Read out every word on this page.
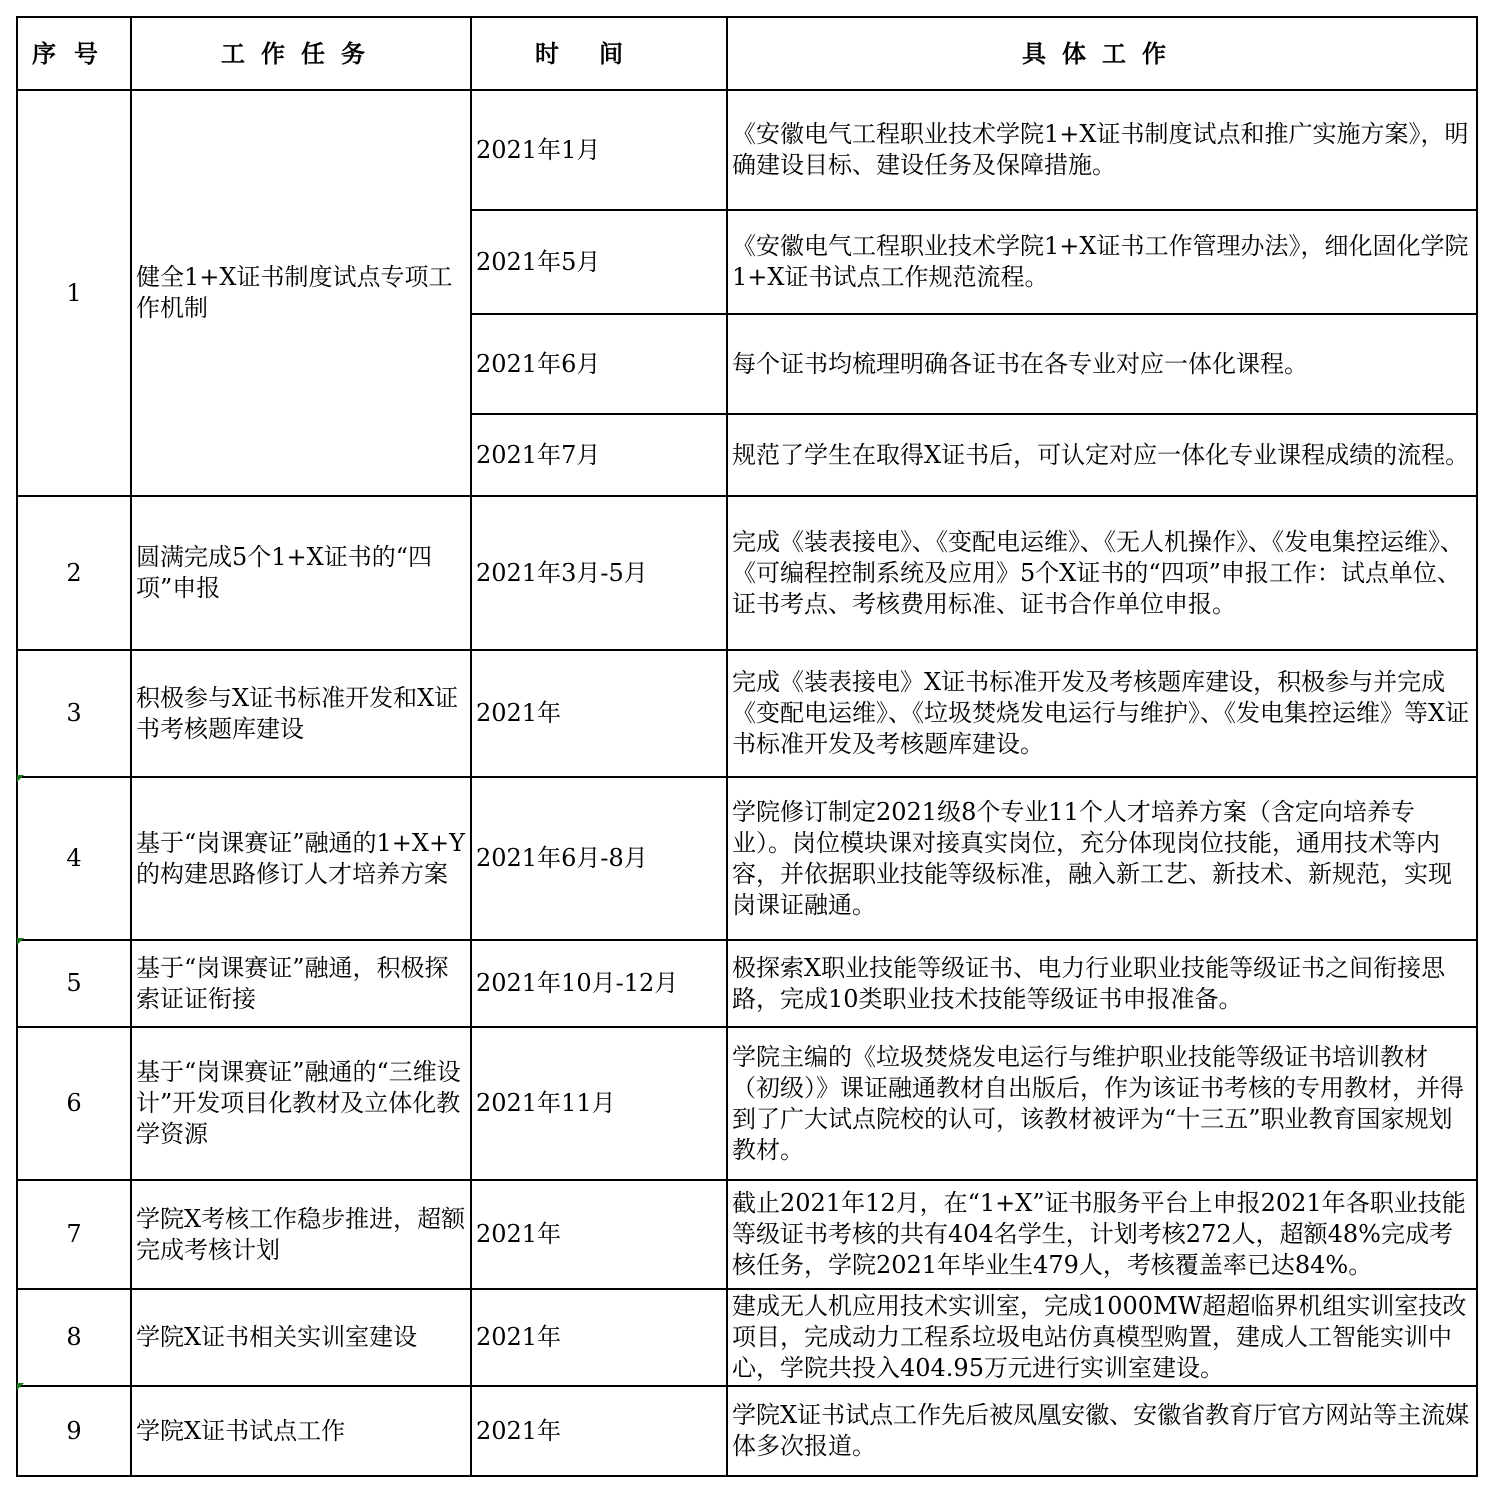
序号	工作任务	时间	具体工作
1	健全1+X证书制度试点专项工作机制	2021年1月	《安徽电气工程职业技术学院1+X证书制度试点和推广实施方案》，明确建设目标、建设任务及保障措施。
		2021年5月	《安徽电气工程职业技术学院1+X证书工作管理办法》，细化固化学院1+X证书试点工作规范流程。
		2021年6月	每个证书均梳理明确各证书在各专业对应一体化课程。
		2021年7月	规范了学生在取得X证书后，可认定对应一体化专业课程成绩的流程。
2	圆满完成5个1+X证书的“四项”申报	2021年3月-5月	完成《装表接电》、《变配电运维》、《无人机操作》、《发电集控运维》、《可编程控制系统及应用》5个X证书的“四项”申报工作：试点单位、证书考点、考核费用标准、证书合作单位申报。
3	积极参与X证书标准开发和X证书考核题库建设	2021年	完成《装表接电》X证书标准开发及考核题库建设，积极参与并完成《变配电运维》、《垃圾焚烧发电运行与维护》、《发电集控运维》等X证书标准开发及考核题库建设。
4	基于“岗课赛证”融通的1+X+Y的构建思路修订人才培养方案	2021年6月-8月	学院修订制定2021级8个专业11个人才培养方案（含定向培养专业）。岗位模块课对接真实岗位，充分体现岗位技能，通用技术等内容，并依据职业技能等级标准，融入新工艺、新技术、新规范，实现岗课证融通。
5	基于“岗课赛证”融通，积极探索证证衔接	2021年10月-12月	极探索X职业技能等级证书、电力行业职业技能等级证书之间衔接思路，完成10类职业技术技能等级证书申报准备。
6	基于“岗课赛证”融通的“三维设计”开发项目化教材及立体化教学资源	2021年11月	学院主编的《垃圾焚烧发电运行与维护职业技能等级证书培训教材（初级）》课证融通教材自出版后，作为该证书考核的专用教材，并得到了广大试点院校的认可，该教材被评为“十三五”职业教育国家规划教材。
7	学院X考核工作稳步推进，超额完成考核计划	2021年	截止2021年12月，在“1+X”证书服务平台上申报2021年各职业技能等级证书考核的共有404名学生，计划考核272人，超额48%完成考核任务，学院2021年毕业生479人，考核覆盖率已达84%。
8	学院X证书相关实训室建设	2021年	建成无人机应用技术实训室，完成1000MW超超临界机组实训室技改项目，完成动力工程系垃圾电站仿真模型购置，建成人工智能实训中心，学院共投入404.95万元进行实训室建设。
9	学院X证书试点工作	2021年	学院X证书试点工作先后被凤凰安徽、安徽省教育厅官方网站等主流媒体多次报道。
